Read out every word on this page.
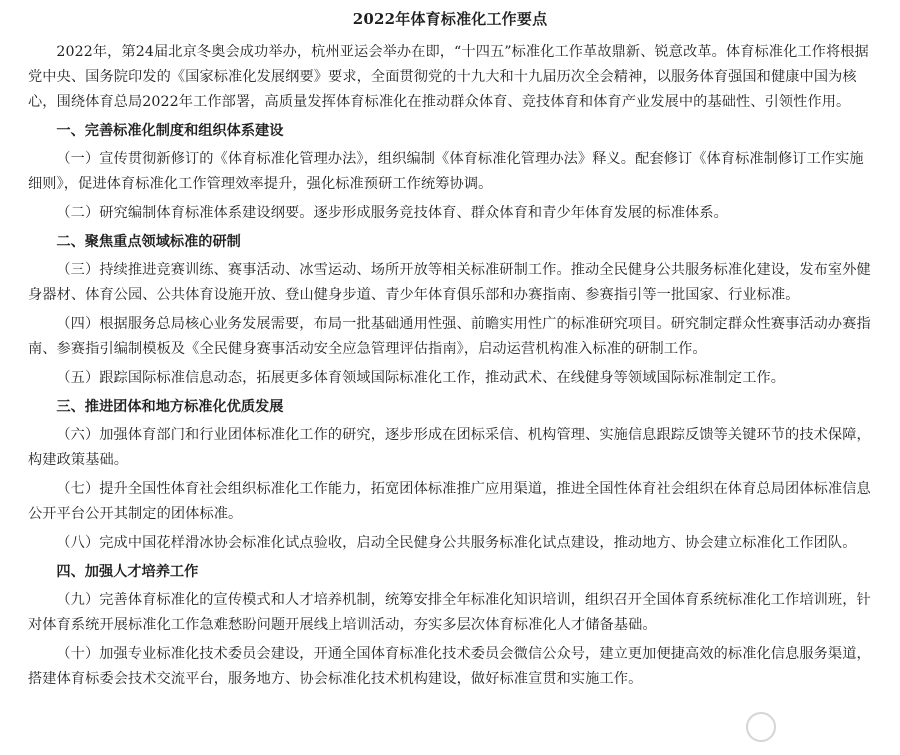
2022年体育标准化工作要点

2022年，第24届北京冬奥会成功举办，杭州亚运会举办在即，“十四五”标准化工作革故鼎新、锐意改革。体育标准化工作将根据党中央、国务院印发的《国家标准化发展纲要》要求，全面贯彻党的十九大和十九届历次全会精神，以服务体育强国和健康中国为核心，围绕体育总局2022年工作部署，高质量发挥体育标准化在推动群众体育、竞技体育和体育产业发展中的基础性、引领性作用。

一、完善标准化制度和组织体系建设

（一）宣传贯彻新修订的《体育标准化管理办法》，组织编制《体育标准化管理办法》释义。配套修订《体育标准制修订工作实施细则》，促进体育标准化工作管理效率提升，强化标准预研工作统筹协调。

（二）研究编制体育标准体系建设纲要。逐步形成服务竞技体育、群众体育和青少年体育发展的标准体系。

二、聚焦重点领域标准的研制

（三）持续推进竞赛训练、赛事活动、冰雪运动、场所开放等相关标准研制工作。推动全民健身公共服务标准化建设，发布室外健身器材、体育公园、公共体育设施开放、登山健身步道、青少年体育俱乐部和办赛指南、参赛指引等一批国家、行业标准。

（四）根据服务总局核心业务发展需要，布局一批基础通用性强、前瞻实用性广的标准研究项目。研究制定群众性赛事活动办赛指南、参赛指引编制模板及《全民健身赛事活动安全应急管理评估指南》，启动运营机构准入标准的研制工作。

（五）跟踪国际标准信息动态，拓展更多体育领域国际标准化工作，推动武术、在线健身等领域国际标准制定工作。

三、推进团体和地方标准化优质发展

（六）加强体育部门和行业团体标准化工作的研究，逐步形成在团标采信、机构管理、实施信息跟踪反馈等关键环节的技术保障，构建政策基础。

（七）提升全国性体育社会组织标准化工作能力，拓宽团体标准推广应用渠道，推进全国性体育社会组织在体育总局团体标准信息公开平台公开其制定的团体标准。

（八）完成中国花样滑冰协会标准化试点验收，启动全民健身公共服务标准化试点建设，推动地方、协会建立标准化工作团队。

四、加强人才培养工作

（九）完善体育标准化的宣传模式和人才培养机制，统筹安排全年标准化知识培训，组织召开全国体育系统标准化工作培训班，针对体育系统开展标准化工作急难愁盼问题开展线上培训活动，夯实多层次体育标准化人才储备基础。

（十）加强专业标准化技术委员会建设，开通全国体育标准化技术委员会微信公众号，建立更加便捷高效的标准化信息服务渠道，搭建体育标委会技术交流平台，服务地方、协会标准化技术机构建设，做好标准宣贯和实施工作。
